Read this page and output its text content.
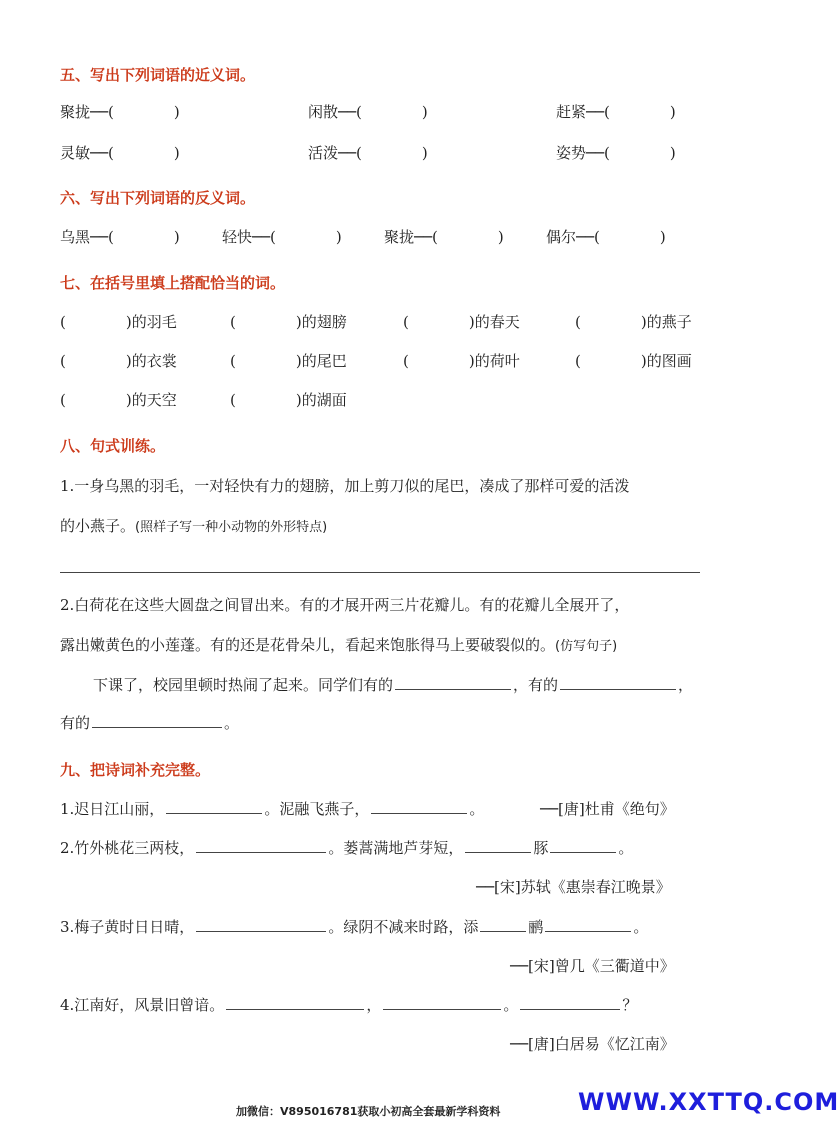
五、写出下列词语的近义词。
聚拢──(　　　　)	闲散──(　　　　)	赶紧──(　　　　)
灵敏──(　　　　)	活泼──(　　　　)	姿势──(　　　　)
六、写出下列词语的反义词。
乌黑──(　　　　)	轻快──(　　　　)	聚拢──(　　　　)	偶尔──(　　　　)
七、在括号里填上搭配恰当的词。
(　　　　)的羽毛	(　　　　)的翅膀	(　　　　)的春天	(　　　　)的燕子
(　　　　)的衣裳	(　　　　)的尾巴	(　　　　)的荷叶	(　　　　)的图画
(　　　　)的天空	(　　　　)的湖面
八、句式训练。
1.一身乌黑的羽毛，一对轻快有力的翅膀，加上剪刀似的尾巴，凑成了那样可爱的活泼
的小燕子。(照样子写一种小动物的外形特点)
2.白荷花在这些大圆盘之间冒出来。有的才展开两三片花瓣儿。有的花瓣儿全展开了，
露出嫩黄色的小莲蓬。有的还是花骨朵儿，看起来饱胀得马上要破裂似的。(仿写句子)
下课了，校园里顿时热闹了起来。同学们有的	，有的	，
有的	。
九、把诗词补充完整。
1.迟日江山丽，	。泥融飞燕子，	。	──[唐]杜甫《绝句》
2.竹外桃花三两枝，	。蒌蒿满地芦芽短，	豚	。
──[宋]苏轼《惠崇春江晚景》
3.梅子黄时日日晴，	。绿阴不减来时路，添	鹂	。
──[宋]曾几《三衢道中》
4.江南好，风景旧曾谙。	，	。	？
──[唐]白居易《忆江南》
加微信：V895016781获取小初高全套最新学科资料	WWW.XXTTQ.COM
